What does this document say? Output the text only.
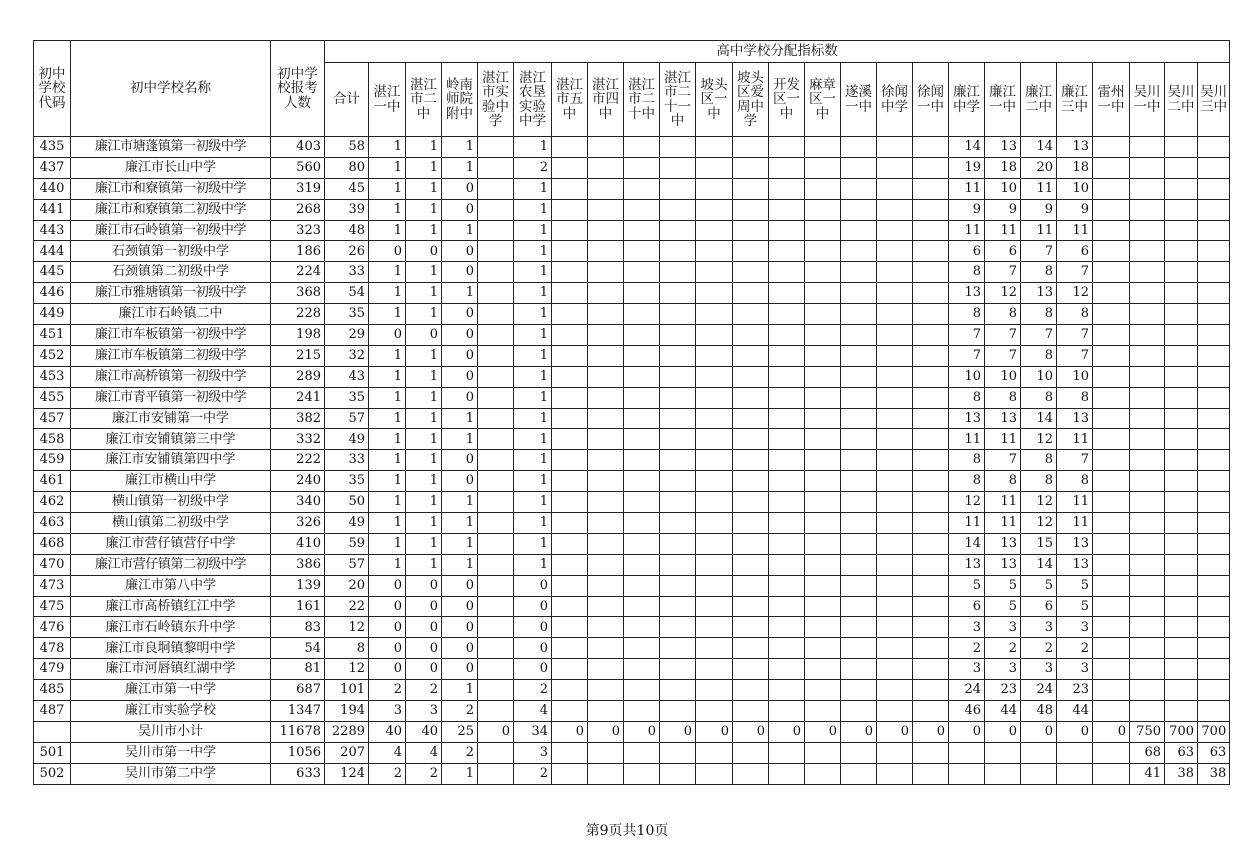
初中学校代码	初中学校名称	初中学校报考人数	高中学校分配指标数																								
			合计	湛江一中	湛江市二中	岭南师院附中	湛江市实验中学	湛江农垦实验中学	湛江市五中	湛江市四中	湛江市二十中	湛江市二十一中	坡头区一中	坡头区爱周中学	开发区一中	麻章区一中	遂溪一中	徐闻中学	徐闻一中	廉江中学	廉江一中	廉江二中	廉江三中	雷州一中	吴川一中	吴川二中	吴川三中
435	廉江市塘蓬镇第一初级中学	403	58	1	1	1		1												14	13	14	13				
437	廉江市长山中学	560	80	1	1	1		2												19	18	20	18				
440	廉江市和寮镇第一初级中学	319	45	1	1	0		1												11	10	11	10				
441	廉江市和寮镇第二初级中学	268	39	1	1	0		1												9	9	9	9				
443	廉江市石岭镇第一初级中学	323	48	1	1	1		1												11	11	11	11				
444	石颈镇第一初级中学	186	26	0	0	0		1												6	6	7	6				
445	石颈镇第二初级中学	224	33	1	1	0		1												8	7	8	7				
446	廉江市雅塘镇第一初级中学	368	54	1	1	1		1												13	12	13	12				
449	廉江市石岭镇二中	228	35	1	1	0		1												8	8	8	8				
451	廉江市车板镇第一初级中学	198	29	0	0	0		1												7	7	7	7				
452	廉江市车板镇第二初级中学	215	32	1	1	0		1												7	7	8	7				
453	廉江市高桥镇第一初级中学	289	43	1	1	0		1												10	10	10	10				
455	廉江市青平镇第一初级中学	241	35	1	1	0		1												8	8	8	8				
457	廉江市安铺第一中学	382	57	1	1	1		1												13	13	14	13				
458	廉江市安铺镇第三中学	332	49	1	1	1		1												11	11	12	11				
459	廉江市安铺镇第四中学	222	33	1	1	0		1												8	7	8	7				
461	廉江市横山中学	240	35	1	1	0		1												8	8	8	8				
462	横山镇第一初级中学	340	50	1	1	1		1												12	11	12	11				
463	横山镇第二初级中学	326	49	1	1	1		1												11	11	12	11				
468	廉江市营仔镇营仔中学	410	59	1	1	1		1												14	13	15	13				
470	廉江市营仔镇第二初级中学	386	57	1	1	1		1												13	13	14	13				
473	廉江市第八中学	139	20	0	0	0		0												5	5	5	5				
475	廉江市高桥镇红江中学	161	22	0	0	0		0												6	5	6	5				
476	廉江市石岭镇东升中学	83	12	0	0	0		0												3	3	3	3				
478	廉江市良垌镇黎明中学	54	8	0	0	0		0												2	2	2	2				
479	廉江市河唇镇红湖中学	81	12	0	0	0		0												3	3	3	3				
485	廉江市第一中学	687	101	2	2	1		2												24	23	24	23				
487	廉江市实验学校	1347	194	3	3	2		4												46	44	48	44				
	吴川市小计	11678	2289	40	40	25	0	34	0	0	0	0	0	0	0	0	0	0	0	0	0	0	0	0	750	700	700
501	吴川市第一中学	1056	207	4	4	2		3																	68	63	63
502	吴川市第二中学	633	124	2	2	1		2																	41	38	38
第9页共10页
